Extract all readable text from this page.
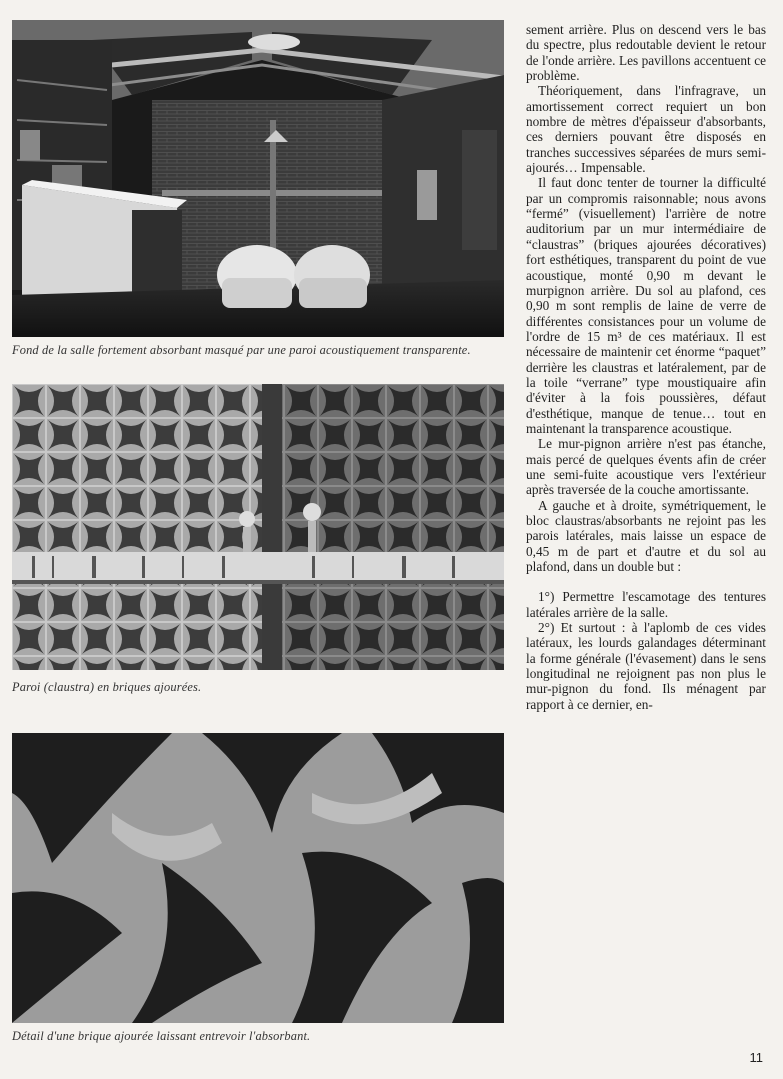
Fond de la salle fortement absorbant masqué par une paroi acoustiquement transparente.
Paroi (claustra) en briques ajourées.
Détail d'une brique ajourée laissant entrevoir l'absorbant.

sement arrière. Plus on descend vers le bas du spectre, plus redoutable devient le retour de l'onde arrière. Les pavillons accentuent ce problème.

Théoriquement, dans l'infragrave, un amortissement correct requiert un bon nombre de mètres d'épaisseur d'absorbants, ces derniers pouvant être disposés en tranches successives séparées de murs semi-ajourés… Impensable.

Il faut donc tenter de tourner la difficulté par un compromis raisonnable; nous avons “fermé” (visuellement) l'arrière de notre auditorium par un mur intermédiaire de “claustras” (briques ajourées décoratives) fort esthétiques, transparent du point de vue acoustique, monté 0,90 m devant le murpignon arrière. Du sol au plafond, ces 0,90 m sont remplis de laine de verre de différentes consistances pour un volume de l'ordre de 15 m³ de ces matériaux. Il est nécessaire de maintenir cet énorme “paquet” derrière les claustras et latéralement, par de la toile “verrane” type moustiquaire afin d'éviter à la fois poussières, défaut d'esthétique, manque de tenue… tout en maintenant la transparence acoustique.

Le mur-pignon arrière n'est pas étanche, mais percé de quelques évents afin de créer une semi-fuite acoustique vers l'extérieur après traversée de la couche amortissante.

A gauche et à droite, symétriquement, le bloc claustras/absorbants ne rejoint pas les parois latérales, mais laisse un espace de 0,45 m de part et d'autre et du sol au plafond, dans un double but :

1°) Permettre l'escamotage des tentures latérales arrière de la salle.

2°) Et surtout : à l'aplomb de ces vides latéraux, les lourds galandages déterminant la forme générale (l'évasement) dans le sens longitudinal ne rejoignent pas non plus le mur-pignon du fond. Ils ménagent par rapport à ce dernier, en-

11
